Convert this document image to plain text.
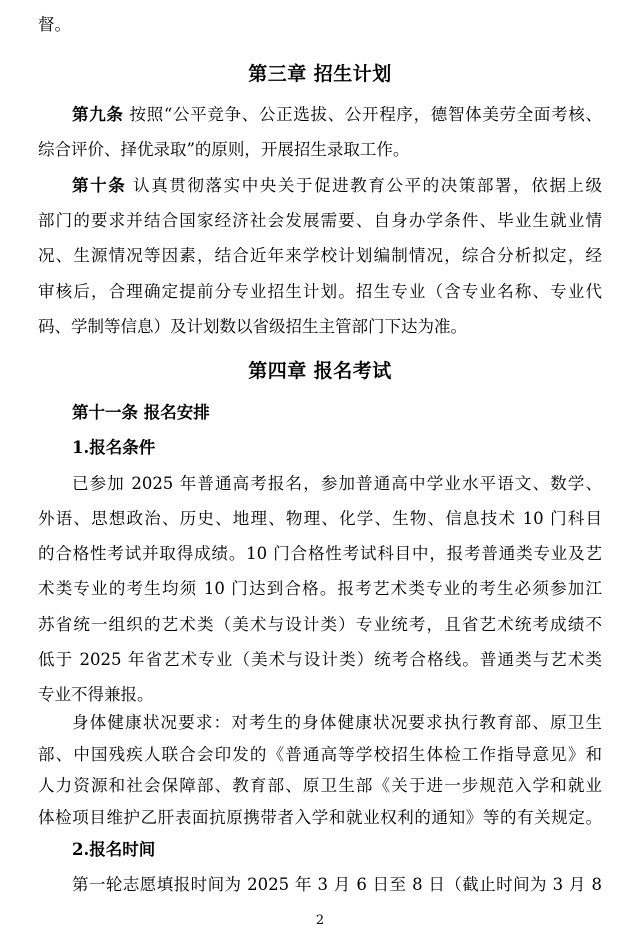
督。
第三章 招生计划
第九条 按照“公平竞争、公正选拔、公开程序，德智体美劳全面考核、
综合评价、择优录取”的原则，开展招生录取工作。
第十条 认真贯彻落实中央关于促进教育公平的决策部署，依据上级
部门的要求并结合国家经济社会发展需要、自身办学条件、毕业生就业情
况、生源情况等因素，结合近年来学校计划编制情况，综合分析拟定，经
审核后，合理确定提前分专业招生计划。招生专业（含专业名称、专业代
码、学制等信息）及计划数以省级招生主管部门下达为准。
第四章 报名考试
第十一条 报名安排
1.报名条件
已参加 2025 年普通高考报名，参加普通高中学业水平语文、数学、
外语、思想政治、历史、地理、物理、化学、生物、信息技术 10 门科目
的合格性考试并取得成绩。10 门合格性考试科目中，报考普通类专业及艺
术类专业的考生均须 10 门达到合格。报考艺术类专业的考生必须参加江
苏省统一组织的艺术类（美术与设计类）专业统考，且省艺术统考成绩不
低于 2025 年省艺术专业（美术与设计类）统考合格线。普通类与艺术类
专业不得兼报。
身体健康状况要求：对考生的身体健康状况要求执行教育部、原卫生
部、中国残疾人联合会印发的《普通高等学校招生体检工作指导意见》和
人力资源和社会保障部、教育部、原卫生部《关于进一步规范入学和就业
体检项目维护乙肝表面抗原携带者入学和就业权利的通知》等的有关规定。
2.报名时间
第一轮志愿填报时间为 2025 年 3 月 6 日至 8 日（截止时间为 3 月 8
2
